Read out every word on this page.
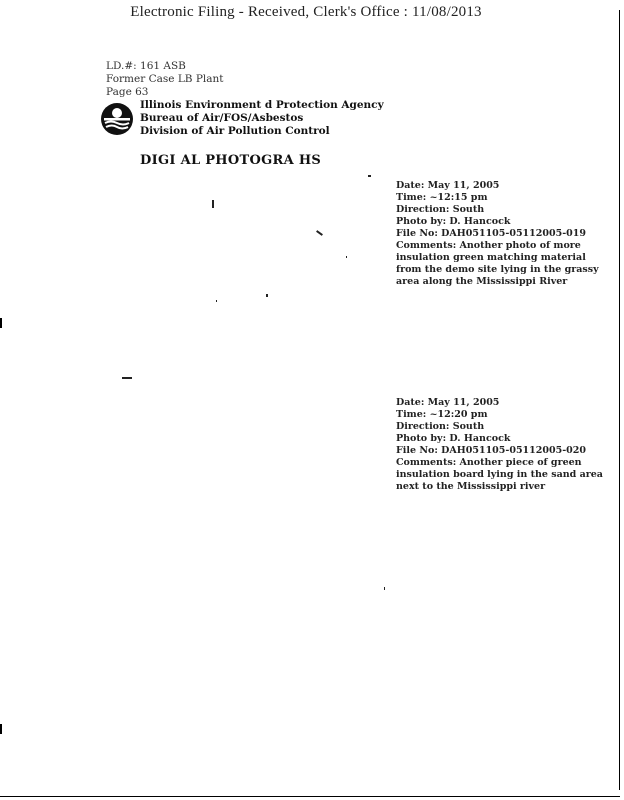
Electronic Filing - Received, Clerk's Office : 11/08/2013
LD.#: 161 ASB
Former Case LB Plant
Page 63
Illinois Environment d Protection Agency
Bureau of Air/FOS/Asbestos
Division of Air Pollution Control
DIGI AL PHOTOGRA HS
Date: May 11, 2005
Time: ~12:15 pm
Direction: South
Photo by: D. Hancock
File No: DAH051105-05112005-019
Comments: Another photo of more insulation green matching material from the demo site lying in the grassy area along the Mississippi River
Date: May 11, 2005
Time: ~12:20 pm
Direction: South
Photo by: D. Hancock
File No: DAH051105-05112005-020
Comments: Another piece of green insulation board lying in the sand area next to the Mississippi river
